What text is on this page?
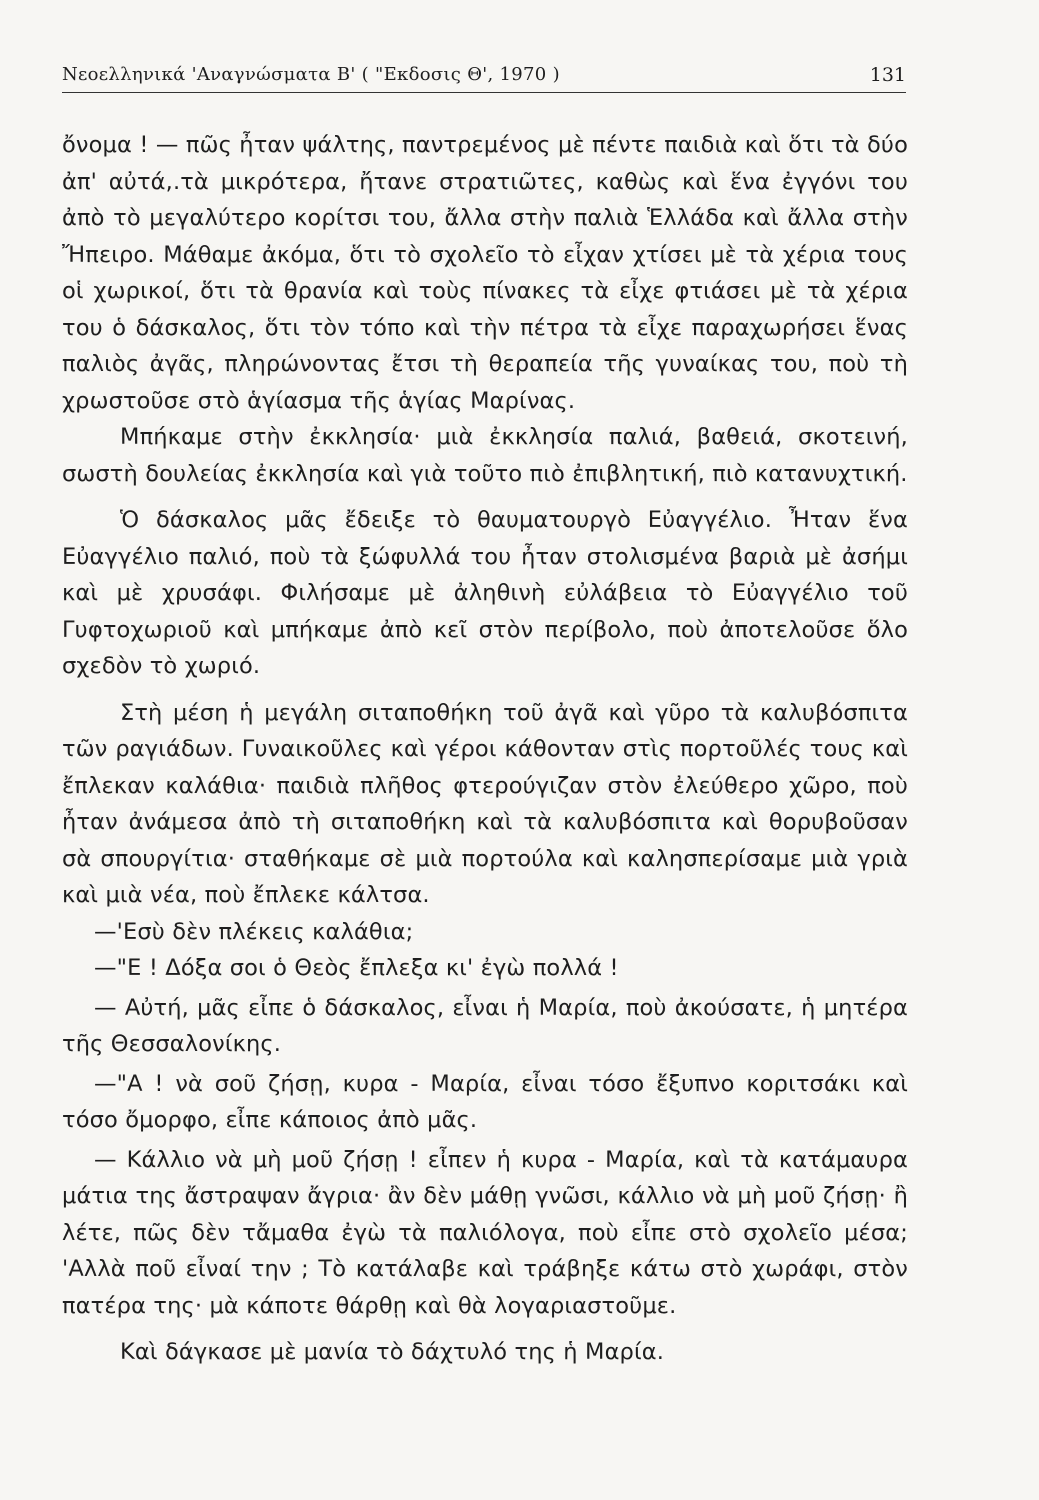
Νεοελληνικά 'Αναγνώσματα Β' ( "Εκδοσις Θ', 1970 )	131

ὄνομα ! — πῶς ἦταν ψάλτης, παντρεμένος μὲ πέντε παιδιὰ καὶ ὅτι τὰ δύο ἀπ' αὐτά,.τὰ μικρότερα, ἤτανε στρατιῶτες, καθὼς καὶ ἕνα ἐγγόνι του ἀπὸ τὸ μεγαλύτερο κορίτσι του, ἄλλα στὴν παλιὰ Ἑλλάδα καὶ ἄλλα στὴν Ἤπειρο. Μάθαμε ἀκόμα, ὅτι τὸ σχολεῖο τὸ εἶχαν χτίσει μὲ τὰ χέρια τους οἱ χωρικοί, ὅτι τὰ θρανία καὶ τοὺς πίνακες τὰ εἶχε φτιάσει μὲ τὰ χέρια του ὁ δάσκαλος, ὅτι τὸν τόπο καὶ τὴν πέτρα τὰ εἶχε παραχωρήσει ἕνας παλιὸς ἀγᾶς, πληρώνοντας ἔτσι τὴ θεραπεία τῆς γυναίκας του, ποὺ τὴ χρωστοῦσε στὸ ἁγίασμα τῆς ἁγίας Μαρίνας.

Μπήκαμε στὴν ἐκκλησία· μιὰ ἐκκλησία παλιά, βαθειά, σκοτεινή, σωστὴ δουλείας ἐκκλησία καὶ γιὰ τοῦτο πιὸ ἐπιβλητική, πιὸ κατανυχτική.

Ὁ δάσκαλος μᾶς ἔδειξε τὸ θαυματουργὸ Εὐαγγέλιο. Ἦταν ἕνα Εὐαγγέλιο παλιό, ποὺ τὰ ξώφυλλά του ἦταν στολισμένα βαριὰ μὲ ἀσήμι καὶ μὲ χρυσάφι. Φιλήσαμε μὲ ἀληθινὴ εὐλάβεια τὸ Εὐαγγέλιο τοῦ Γυφτοχωριοῦ καὶ μπήκαμε ἀπὸ κεῖ στὸν περίβολο, ποὺ ἀποτελοῦσε ὅλο σχεδὸν τὸ χωριό.

Στὴ μέση ἡ μεγάλη σιταποθήκη τοῦ ἀγᾶ καὶ γῦρο τὰ καλυβόσπιτα τῶν ραγιάδων. Γυναικοῦλες καὶ γέροι κάθονταν στὶς πορτοῦλές τους καὶ ἔπλεκαν καλάθια· παιδιὰ πλῆθος φτερούγιζαν στὸν ἐλεύθερο χῶρο, ποὺ ἦταν ἀνάμεσα ἀπὸ τὴ σιταποθήκη καὶ τὰ καλυβόσπιτα καὶ θορυβοῦσαν σὰ σπουργίτια· σταθήκαμε σὲ μιὰ πορτούλα καὶ καλησπερίσαμε μιὰ γριὰ καὶ μιὰ νέα, ποὺ ἔπλεκε κάλτσα.

—'Εσὺ δὲν πλέκεις καλάθια;

—"Ε ! Δόξα σοι ὁ Θεὸς ἔπλεξα κι' ἐγὼ πολλά !

— Αὐτή, μᾶς εἶπε ὁ δάσκαλος, εἶναι ἡ Μαρία, ποὺ ἀκούσατε, ἡ μητέρα τῆς Θεσσαλονίκης.

—"Α ! νὰ σοῦ ζήσῃ, κυρα - Μαρία, εἶναι τόσο ἔξυπνο κοριτσάκι καὶ τόσο ὄμορφο, εἶπε κάποιος ἀπὸ μᾶς.

— Κάλλιο νὰ μὴ μοῦ ζήσῃ ! εἶπεν ἡ κυρα - Μαρία, καὶ τὰ κατάμαυρα μάτια της ἄστραψαν ἄγρια· ἂν δὲν μάθῃ γνῶσι, κάλλιο νὰ μὴ μοῦ ζήσῃ· ἢ λέτε, πῶς δὲν τἄμαθα ἐγὼ τὰ παλιόλογα, ποὺ εἶπε στὸ σχολεῖο μέσα; 'Αλλὰ ποῦ εἶναί την ; Τὸ κατάλαβε καὶ τράβηξε κάτω στὸ χωράφι, στὸν πατέρα της· μὰ κάποτε θάρθῃ καὶ θὰ λογαριαστοῦμε.

Καὶ δάγκασε μὲ μανία τὸ δάχτυλό της ἡ Μαρία.
